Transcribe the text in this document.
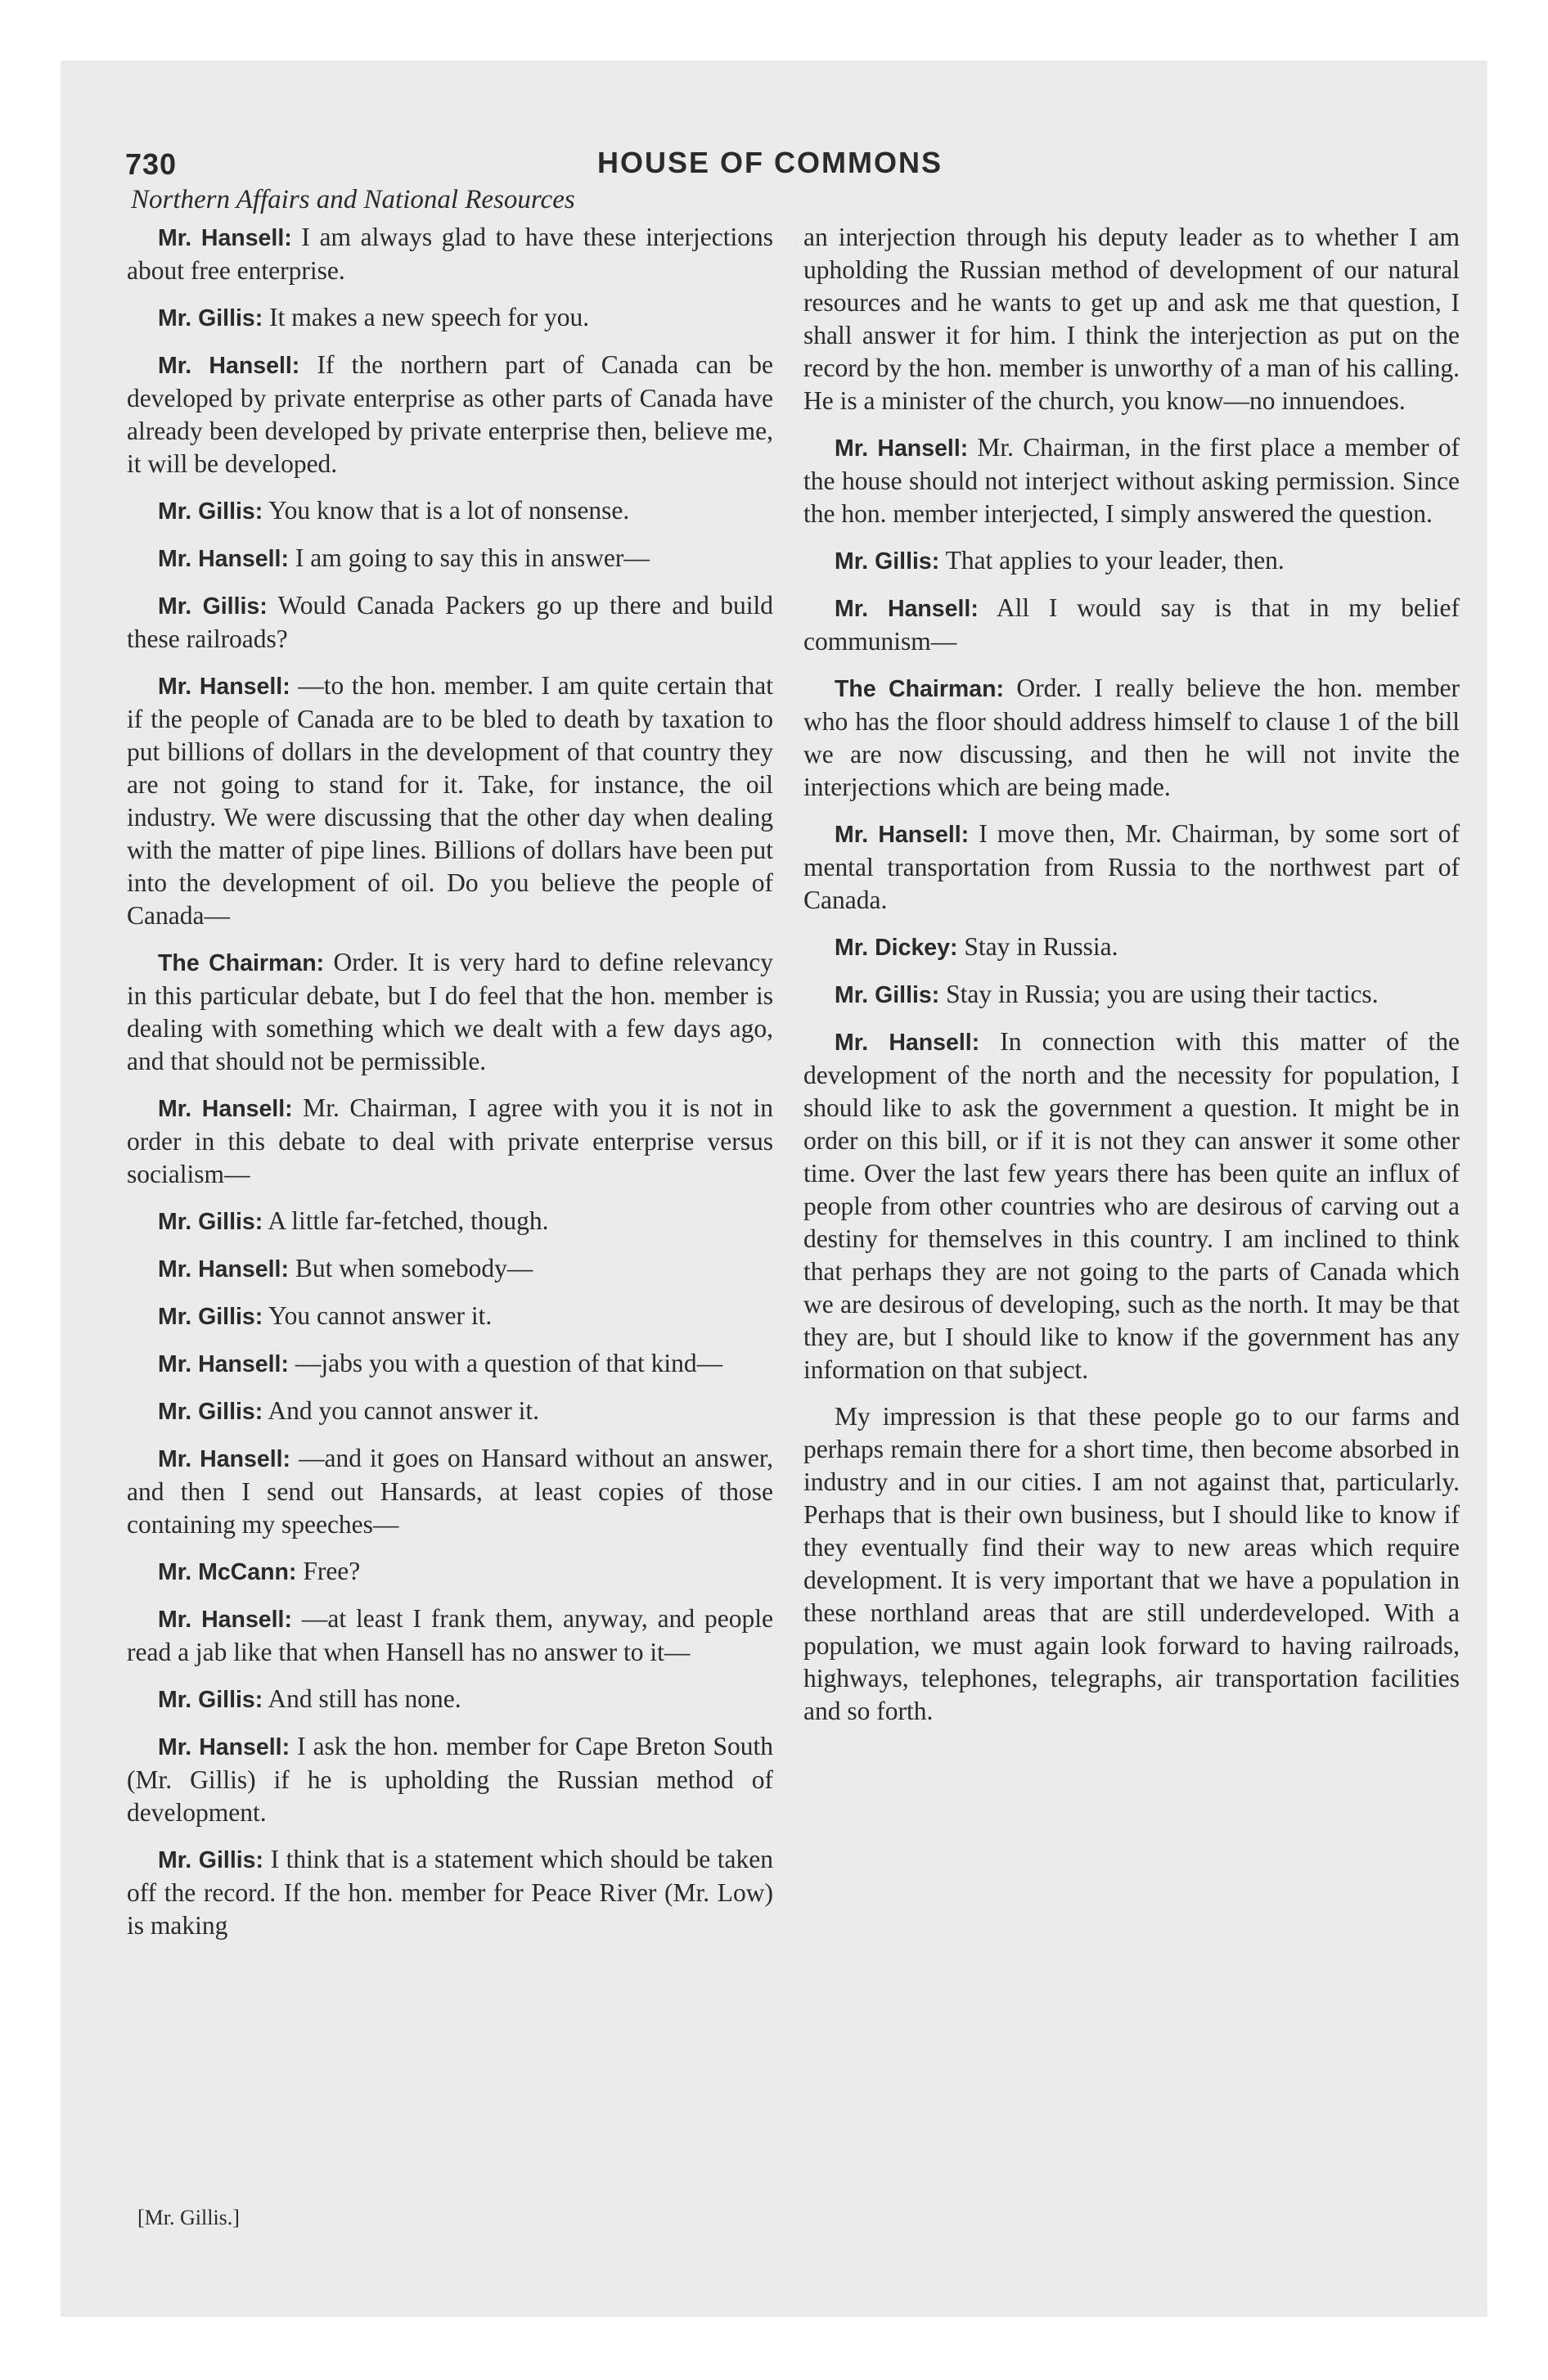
730	HOUSE OF COMMONS
Northern Affairs and National Resources

Mr. Hansell: I am always glad to have these interjections about free enterprise.

Mr. Gillis: It makes a new speech for you.

Mr. Hansell: If the northern part of Canada can be developed by private enterprise as other parts of Canada have already been developed by private enterprise then, believe me, it will be developed.

Mr. Gillis: You know that is a lot of nonsense.

Mr. Hansell: I am going to say this in answer—

Mr. Gillis: Would Canada Packers go up there and build these railroads?

Mr. Hansell: —to the hon. member. I am quite certain that if the people of Canada are to be bled to death by taxation to put billions of dollars in the development of that country they are not going to stand for it. Take, for instance, the oil industry. We were discussing that the other day when dealing with the matter of pipe lines. Billions of dollars have been put into the development of oil. Do you believe the people of Canada—

The Chairman: Order. It is very hard to define relevancy in this particular debate, but I do feel that the hon. member is dealing with something which we dealt with a few days ago, and that should not be permissible.

Mr. Hansell: Mr. Chairman, I agree with you it is not in order in this debate to deal with private enterprise versus socialism—

Mr. Gillis: A little far-fetched, though.

Mr. Hansell: But when somebody—

Mr. Gillis: You cannot answer it.

Mr. Hansell: —jabs you with a question of that kind—

Mr. Gillis: And you cannot answer it.

Mr. Hansell: —and it goes on Hansard without an answer, and then I send out Hansards, at least copies of those containing my speeches—

Mr. McCann: Free?

Mr. Hansell: —at least I frank them, anyway, and people read a jab like that when Hansell has no answer to it—

Mr. Gillis: And still has none.

Mr. Hansell: I ask the hon. member for Cape Breton South (Mr. Gillis) if he is upholding the Russian method of development.

Mr. Gillis: I think that is a statement which should be taken off the record. If the hon. member for Peace River (Mr. Low) is making

an interjection through his deputy leader as to whether I am upholding the Russian method of development of our natural resources and he wants to get up and ask me that question, I shall answer it for him. I think the interjection as put on the record by the hon. member is unworthy of a man of his calling. He is a minister of the church, you know—no innuendoes.

Mr. Hansell: Mr. Chairman, in the first place a member of the house should not interject without asking permission. Since the hon. member interjected, I simply answered the question.

Mr. Gillis: That applies to your leader, then.

Mr. Hansell: All I would say is that in my belief communism—

The Chairman: Order. I really believe the hon. member who has the floor should address himself to clause 1 of the bill we are now discussing, and then he will not invite the interjections which are being made.

Mr. Hansell: I move then, Mr. Chairman, by some sort of mental transportation from Russia to the northwest part of Canada.

Mr. Dickey: Stay in Russia.

Mr. Gillis: Stay in Russia; you are using their tactics.

Mr. Hansell: In connection with this matter of the development of the north and the necessity for population, I should like to ask the government a question. It might be in order on this bill, or if it is not they can answer it some other time. Over the last few years there has been quite an influx of people from other countries who are desirous of carving out a destiny for themselves in this country. I am inclined to think that perhaps they are not going to the parts of Canada which we are desirous of developing, such as the north. It may be that they are, but I should like to know if the government has any information on that subject.

My impression is that these people go to our farms and perhaps remain there for a short time, then become absorbed in industry and in our cities. I am not against that, particularly. Perhaps that is their own business, but I should like to know if they eventually find their way to new areas which require development. It is very important that we have a population in these northland areas that are still underdeveloped. With a population, we must again look forward to having railroads, highways, telephones, telegraphs, air transportation facilities and so forth.

[Mr. Gillis.]
